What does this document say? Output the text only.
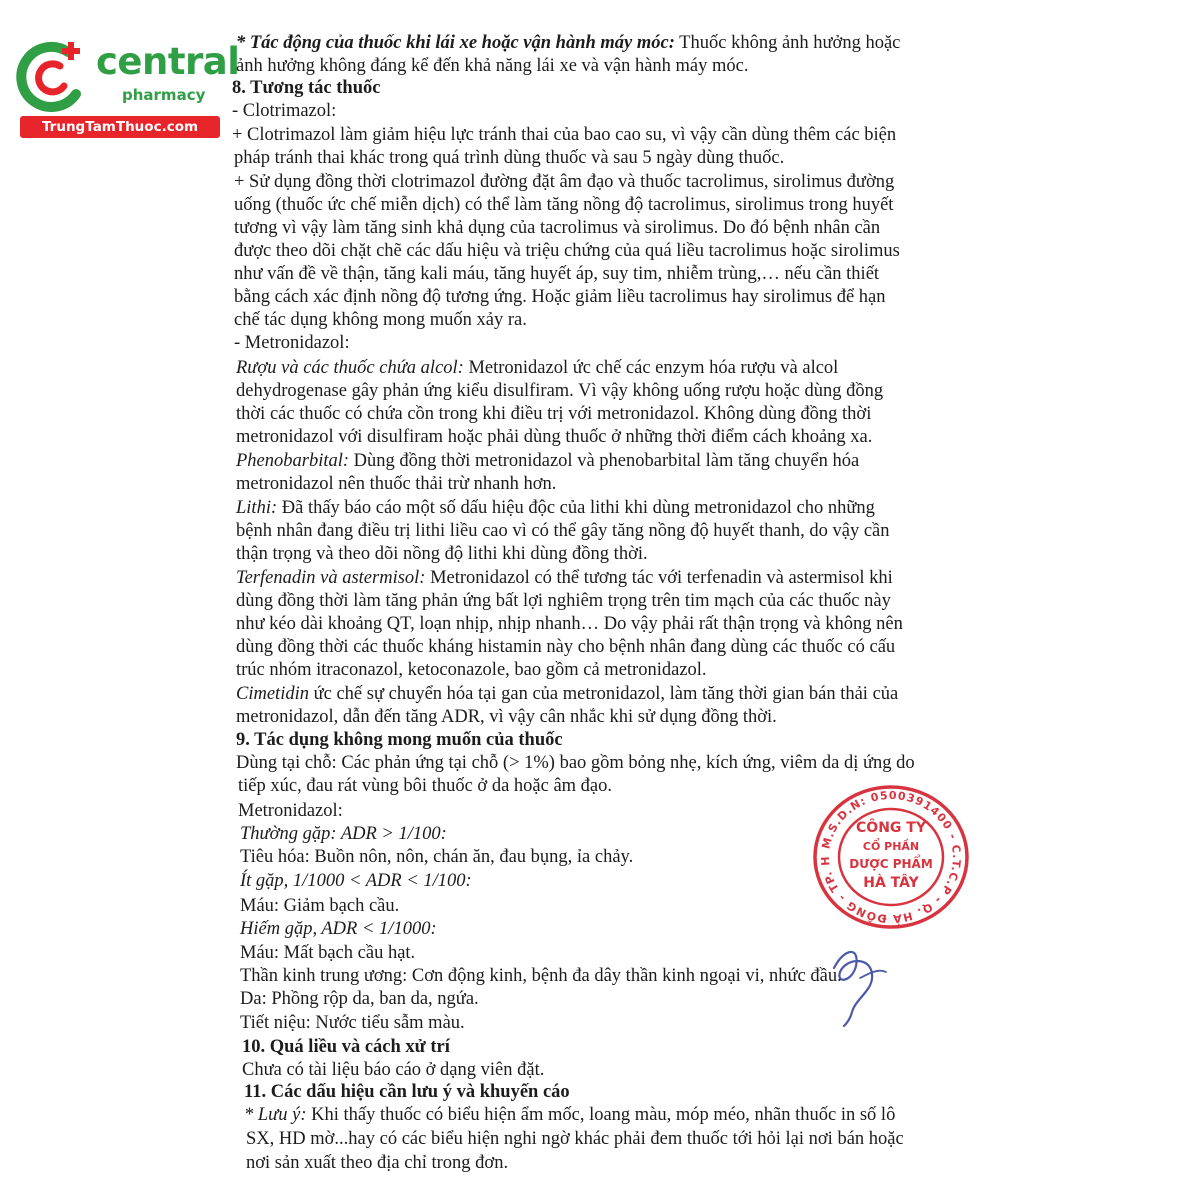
central
pharmacy
TrungTamThuoc.com
* Tác động của thuốc khi lái xe hoặc vận hành máy móc: Thuốc không ảnh hưởng hoặc
ảnh hưởng không đáng kể đến khả năng lái xe và vận hành máy móc.
8. Tương tác thuốc
- Clotrimazol:
+ Clotrimazol làm giảm hiệu lực tránh thai của bao cao su, vì vậy cần dùng thêm các biện
pháp tránh thai khác trong quá trình dùng thuốc và sau 5 ngày dùng thuốc.
+ Sử dụng đồng thời clotrimazol đường đặt âm đạo và thuốc tacrolimus, sirolimus đường
uống (thuốc ức chế miễn dịch) có thể làm tăng nồng độ tacrolimus, sirolimus trong huyết
tương vì vậy làm tăng sinh khả dụng của tacrolimus và sirolimus. Do đó bệnh nhân cần
được theo dõi chặt chẽ các dấu hiệu và triệu chứng của quá liều tacrolimus hoặc sirolimus
như vấn đề về thận, tăng kali máu, tăng huyết áp, suy tim, nhiễm trùng,… nếu cần thiết
bằng cách xác định nồng độ tương ứng. Hoặc giảm liều tacrolimus hay sirolimus để hạn
chế tác dụng không mong muốn xảy ra.
- Metronidazol:
Rượu và các thuốc chứa alcol: Metronidazol ức chế các enzym hóa rượu và alcol
dehydrogenase gây phản ứng kiểu disulfiram. Vì vậy không uống rượu hoặc dùng đồng
thời các thuốc có chứa cồn trong khi điều trị với metronidazol. Không dùng đồng thời
metronidazol với disulfiram hoặc phải dùng thuốc ở những thời điểm cách khoảng xa.
Phenobarbital: Dùng đồng thời metronidazol và phenobarbital làm tăng chuyển hóa
metronidazol nên thuốc thải trừ nhanh hơn.
Lithi: Đã thấy báo cáo một số dấu hiệu độc của lithi khi dùng metronidazol cho những
bệnh nhân đang điều trị lithi liều cao vì có thể gây tăng nồng độ huyết thanh, do vậy cần
thận trọng và theo dõi nồng độ lithi khi dùng đồng thời.
Terfenadin và astermisol: Metronidazol có thể tương tác với terfenadin và astermisol khi
dùng đồng thời làm tăng phản ứng bất lợi nghiêm trọng trên tim mạch của các thuốc này
như kéo dài khoảng QT, loạn nhịp, nhịp nhanh… Do vậy phải rất thận trọng và không nên
dùng đồng thời các thuốc kháng histamin này cho bệnh nhân đang dùng các thuốc có cấu
trúc nhóm itraconazol, ketoconazole, bao gồm cả metronidazol.
Cimetidin ức chế sự chuyển hóa tại gan của metronidazol, làm tăng thời gian bán thải của
metronidazol, dẫn đến tăng ADR, vì vậy cân nhắc khi sử dụng đồng thời.
9. Tác dụng không mong muốn của thuốc
Dùng tại chỗ: Các phản ứng tại chỗ (> 1%) bao gồm bỏng nhẹ, kích ứng, viêm da dị ứng do
tiếp xúc, đau rát vùng bôi thuốc ở da hoặc âm đạo.
Metronidazol:
Thường gặp: ADR > 1/100:
Tiêu hóa: Buồn nôn, nôn, chán ăn, đau bụng, ỉa chảy.
Ít gặp, 1/1000 < ADR < 1/100:
Máu: Giảm bạch cầu.
Hiếm gặp, ADR < 1/1000:
Máu: Mất bạch cầu hạt.
Thần kinh trung ương: Cơn động kinh, bệnh đa dây thần kinh ngoại vi, nhức đầu.
Da: Phồng rộp da, ban da, ngứa.
Tiết niệu: Nước tiểu sẫm màu.
10. Quá liều và cách xử trí
Chưa có tài liệu báo cáo ở dạng viên đặt.
11. Các dấu hiệu cần lưu ý và khuyến cáo
* Lưu ý: Khi thấy thuốc có biểu hiện ẩm mốc, loang màu, móp méo, nhãn thuốc in số lô
SX, HD mờ...hay có các biểu hiện nghi ngờ khác phải đem thuốc tới hỏi lại nơi bán hoặc
nơi sản xuất theo địa chỉ trong đơn.
M.S.D.N: 0500391400 - C.T.C.P - Q. HÀ ĐÔNG - TP. H
CÔNG TY
CỔ PHẦN
DƯỢC PHẨM
HÀ TÂY
